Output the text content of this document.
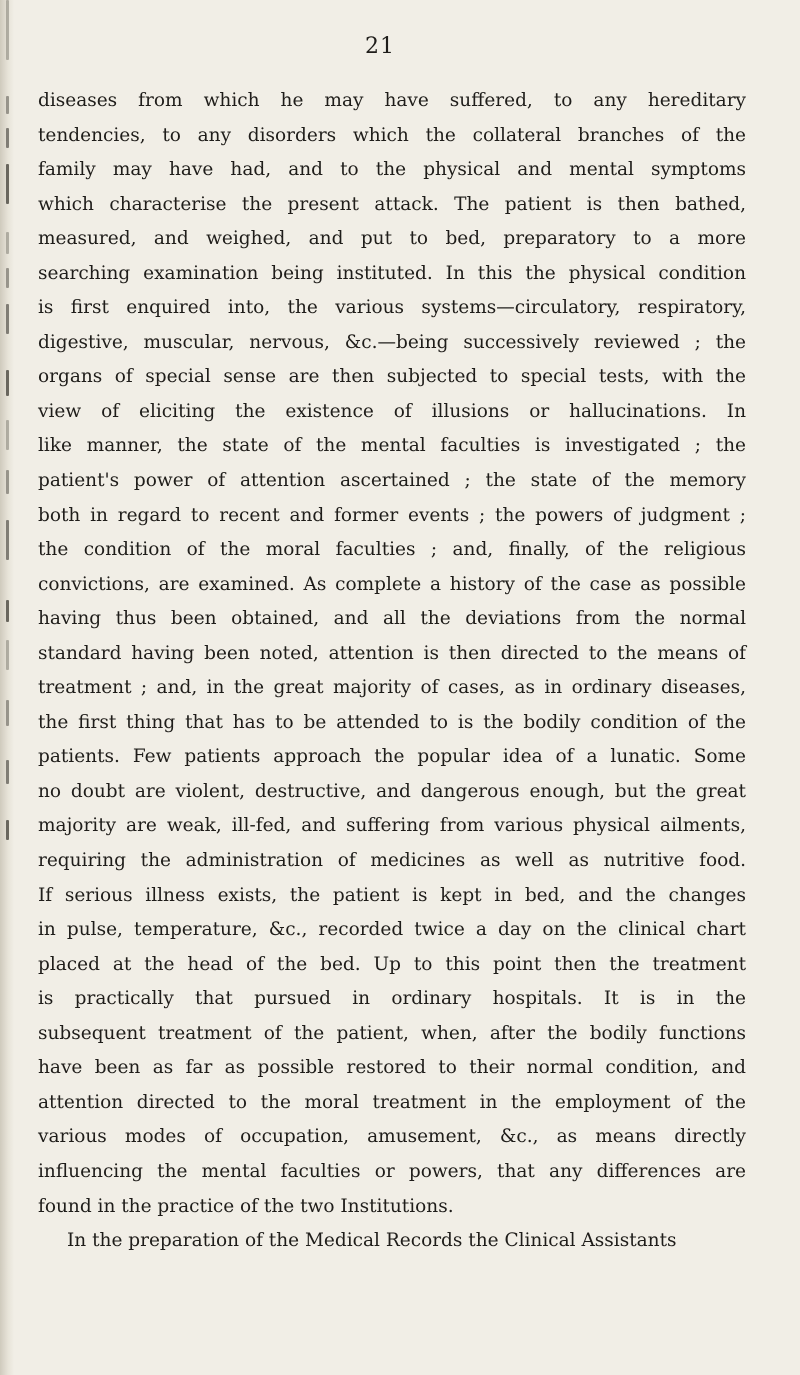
21
diseases from which he may have suffered, to any hereditary
tendencies, to any disorders which the collateral branches of the
family may have had, and to the physical and mental symptoms
which characterise the present attack. The patient is then bathed,
measured, and weighed, and put to bed, preparatory to a more
searching examination being instituted. In this the physical condition
is first enquired into, the various systems—circulatory, respiratory,
digestive, muscular, nervous, &c.—being successively reviewed ; the
organs of special sense are then subjected to special tests, with the
view of eliciting the existence of illusions or hallucinations. In
like manner, the state of the mental faculties is investigated ; the
patient's power of attention ascertained ; the state of the memory
both in regard to recent and former events ; the powers of judgment ;
the condition of the moral faculties ; and, finally, of the religious
convictions, are examined. As complete a history of the case as possible
having thus been obtained, and all the deviations from the normal
standard having been noted, attention is then directed to the means of
treatment ; and, in the great majority of cases, as in ordinary diseases,
the first thing that has to be attended to is the bodily condition of the
patients. Few patients approach the popular idea of a lunatic. Some
no doubt are violent, destructive, and dangerous enough, but the great
majority are weak, ill-fed, and suffering from various physical ailments,
requiring the administration of medicines as well as nutritive food.
If serious illness exists, the patient is kept in bed, and the changes
in pulse, temperature, &c., recorded twice a day on the clinical chart
placed at the head of the bed. Up to this point then the treatment
is practically that pursued in ordinary hospitals. It is in the
subsequent treatment of the patient, when, after the bodily functions
have been as far as possible restored to their normal condition, and
attention directed to the moral treatment in the employment of the
various modes of occupation, amusement, &c., as means directly
influencing the mental faculties or powers, that any differences are
found in the practice of the two Institutions.
In the preparation of the Medical Records the Clinical Assistants
